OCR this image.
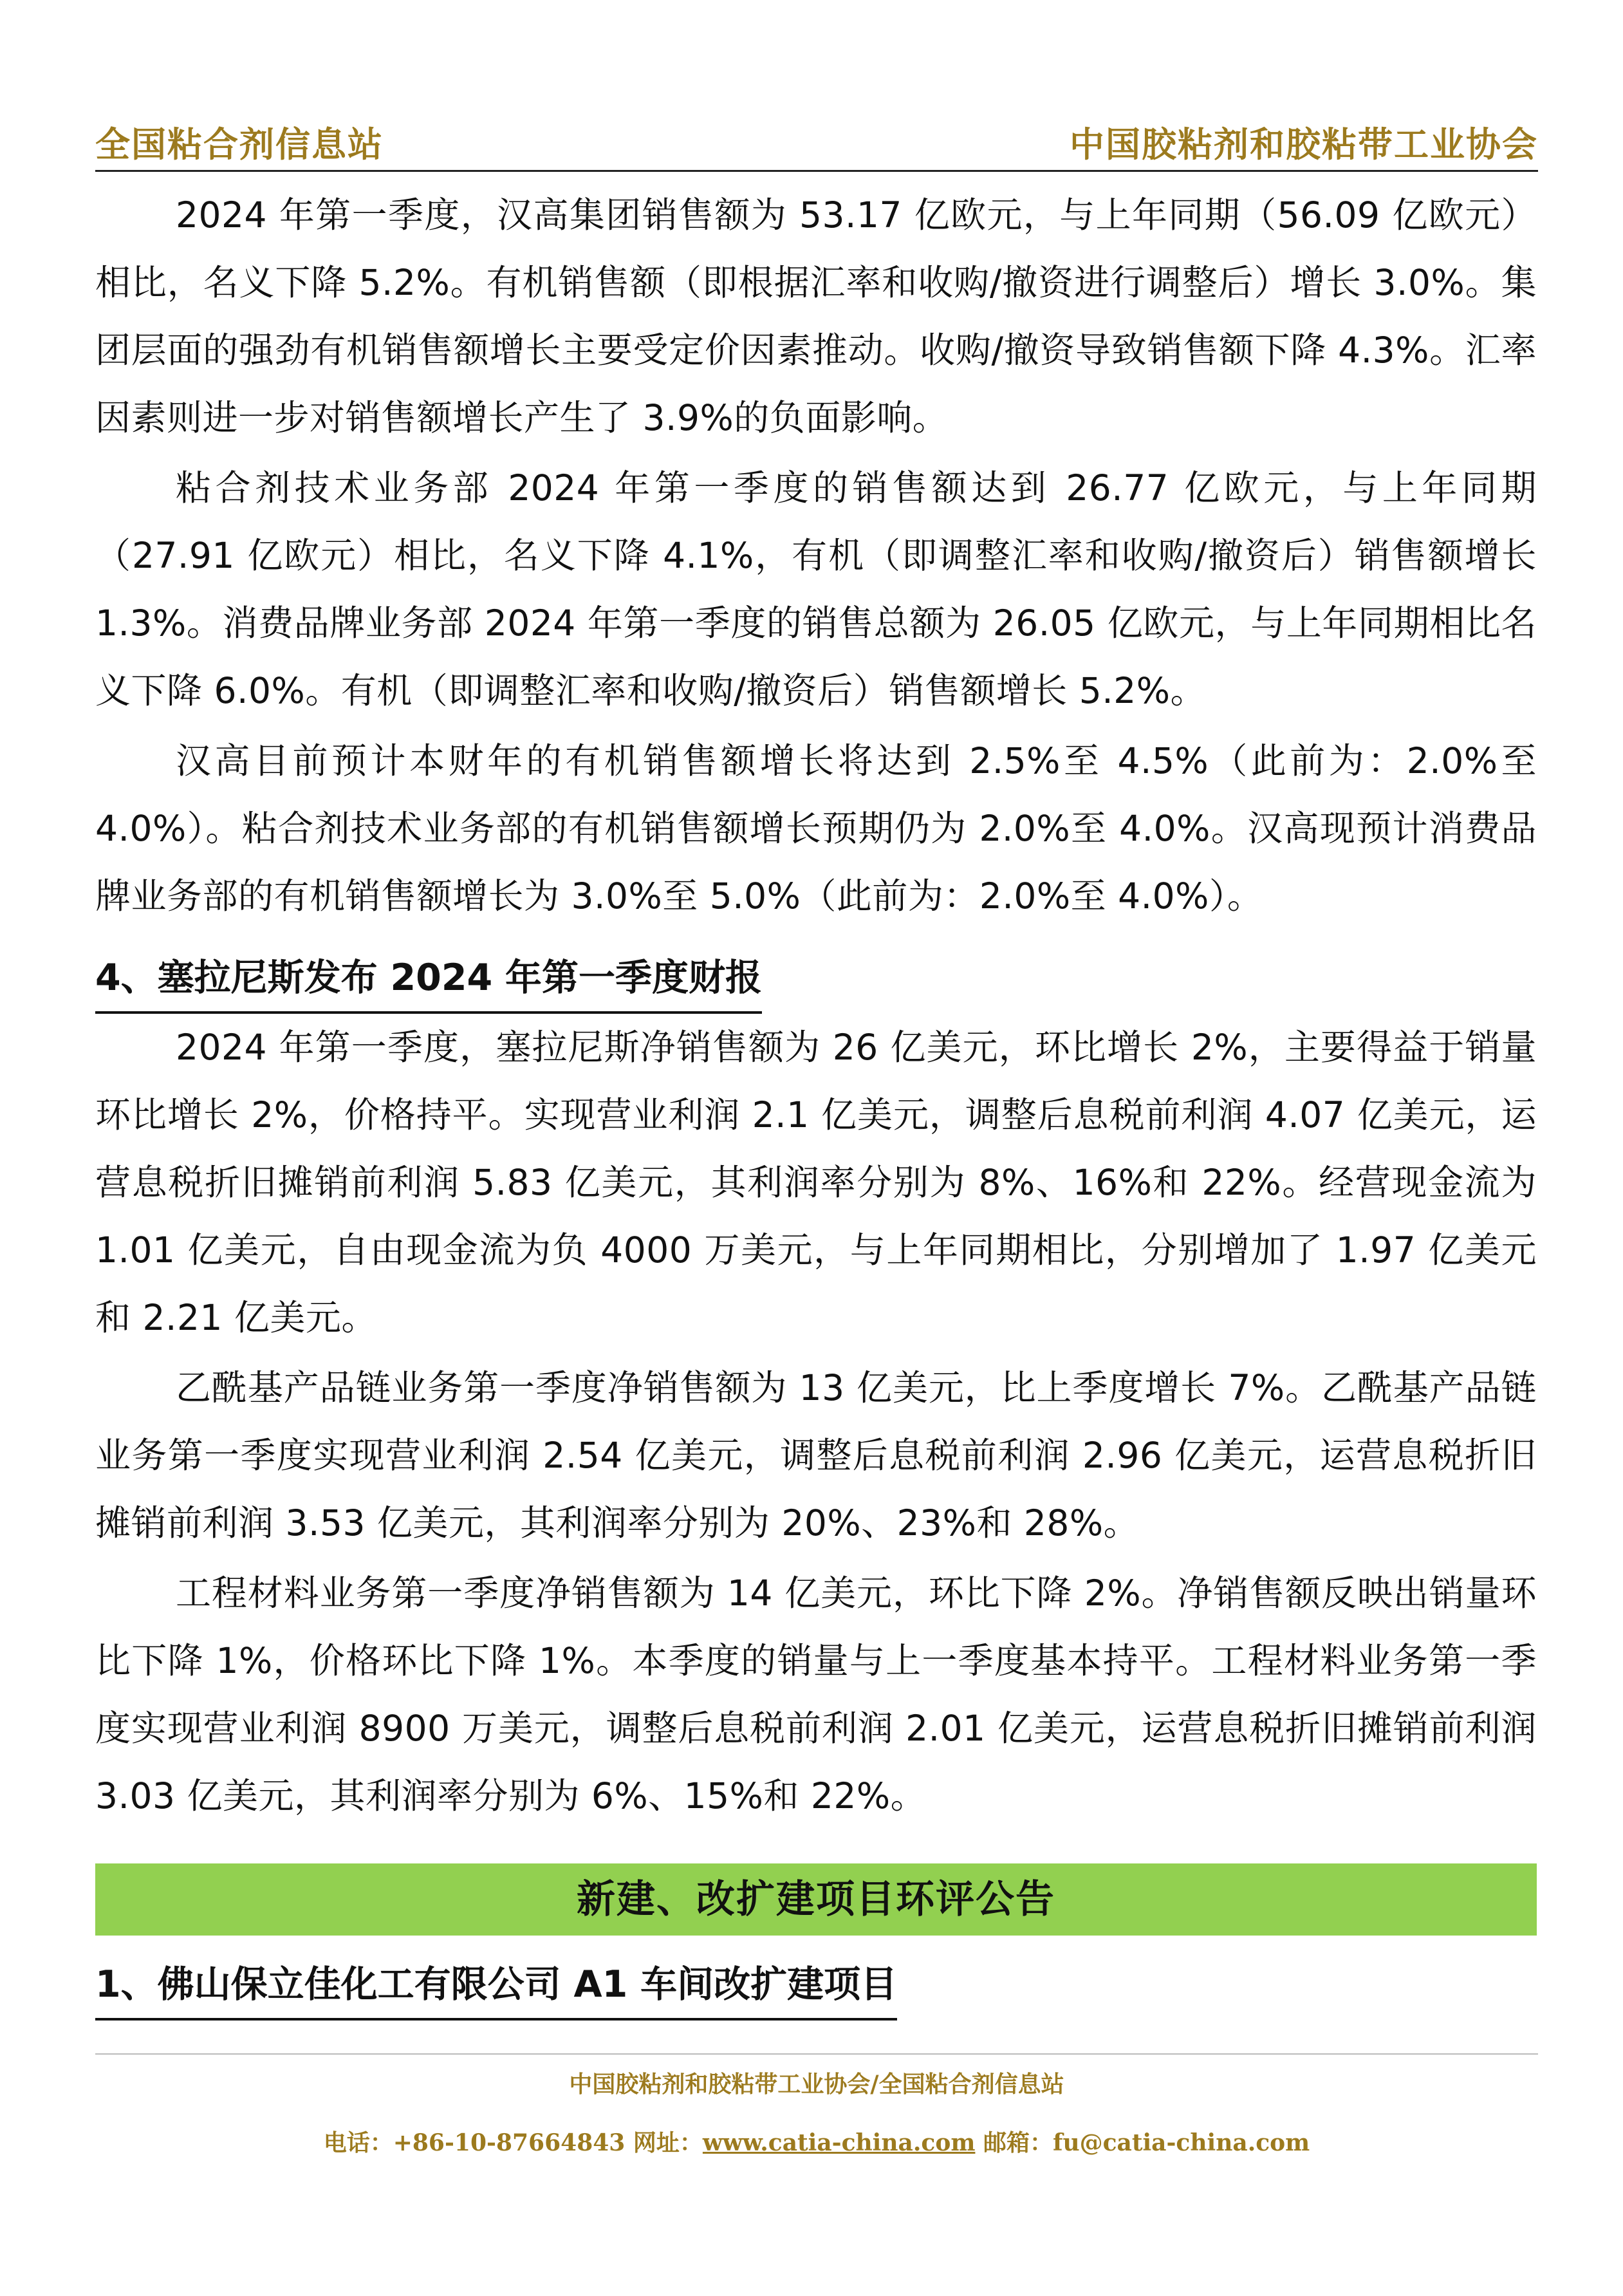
全国粘合剂信息站	中国胶粘剂和胶粘带工业协会

2024 年第一季度，汉高集团销售额为 53.17 亿欧元，与上年同期（56.09 亿欧元）相比，名义下降 5.2%。有机销售额（即根据汇率和收购/撤资进行调整后）增长 3.0%。集团层面的强劲有机销售额增长主要受定价因素推动。收购/撤资导致销售额下降 4.3%。汇率因素则进一步对销售额增长产生了 3.9%的负面影响。

粘合剂技术业务部 2024 年第一季度的销售额达到 26.77 亿欧元，与上年同期（27.91 亿欧元）相比，名义下降 4.1%，有机（即调整汇率和收购/撤资后）销售额增长 1.3%。消费品牌业务部 2024 年第一季度的销售总额为 26.05 亿欧元，与上年同期相比名义下降 6.0%。有机（即调整汇率和收购/撤资后）销售额增长 5.2%。

汉高目前预计本财年的有机销售额增长将达到 2.5%至 4.5%（此前为：2.0%至 4.0%）。粘合剂技术业务部的有机销售额增长预期仍为 2.0%至 4.0%。汉高现预计消费品牌业务部的有机销售额增长为 3.0%至 5.0%（此前为：2.0%至 4.0%）。

4、塞拉尼斯发布 2024 年第一季度财报

2024 年第一季度，塞拉尼斯净销售额为 26 亿美元，环比增长 2%，主要得益于销量环比增长 2%，价格持平。实现营业利润 2.1 亿美元，调整后息税前利润 4.07 亿美元，运营息税折旧摊销前利润 5.83 亿美元，其利润率分别为 8%、16%和 22%。经营现金流为 1.01 亿美元，自由现金流为负 4000 万美元，与上年同期相比，分别增加了 1.97 亿美元和 2.21 亿美元。

乙酰基产品链业务第一季度净销售额为 13 亿美元，比上季度增长 7%。乙酰基产品链业务第一季度实现营业利润 2.54 亿美元，调整后息税前利润 2.96 亿美元，运营息税折旧摊销前利润 3.53 亿美元，其利润率分别为 20%、23%和 28%。

工程材料业务第一季度净销售额为 14 亿美元，环比下降 2%。净销售额反映出销量环比下降 1%，价格环比下降 1%。本季度的销量与上一季度基本持平。工程材料业务第一季度实现营业利润 8900 万美元，调整后息税前利润 2.01 亿美元，运营息税折旧摊销前利润 3.03 亿美元，其利润率分别为 6%、15%和 22%。

新建、改扩建项目环评公告
1、佛山保立佳化工有限公司 A1 车间改扩建项目
中国胶粘剂和胶粘带工业协会/全国粘合剂信息站
电话：+86-10-87664843 网址：www.catia-china.com 邮箱：fu@catia-china.com
